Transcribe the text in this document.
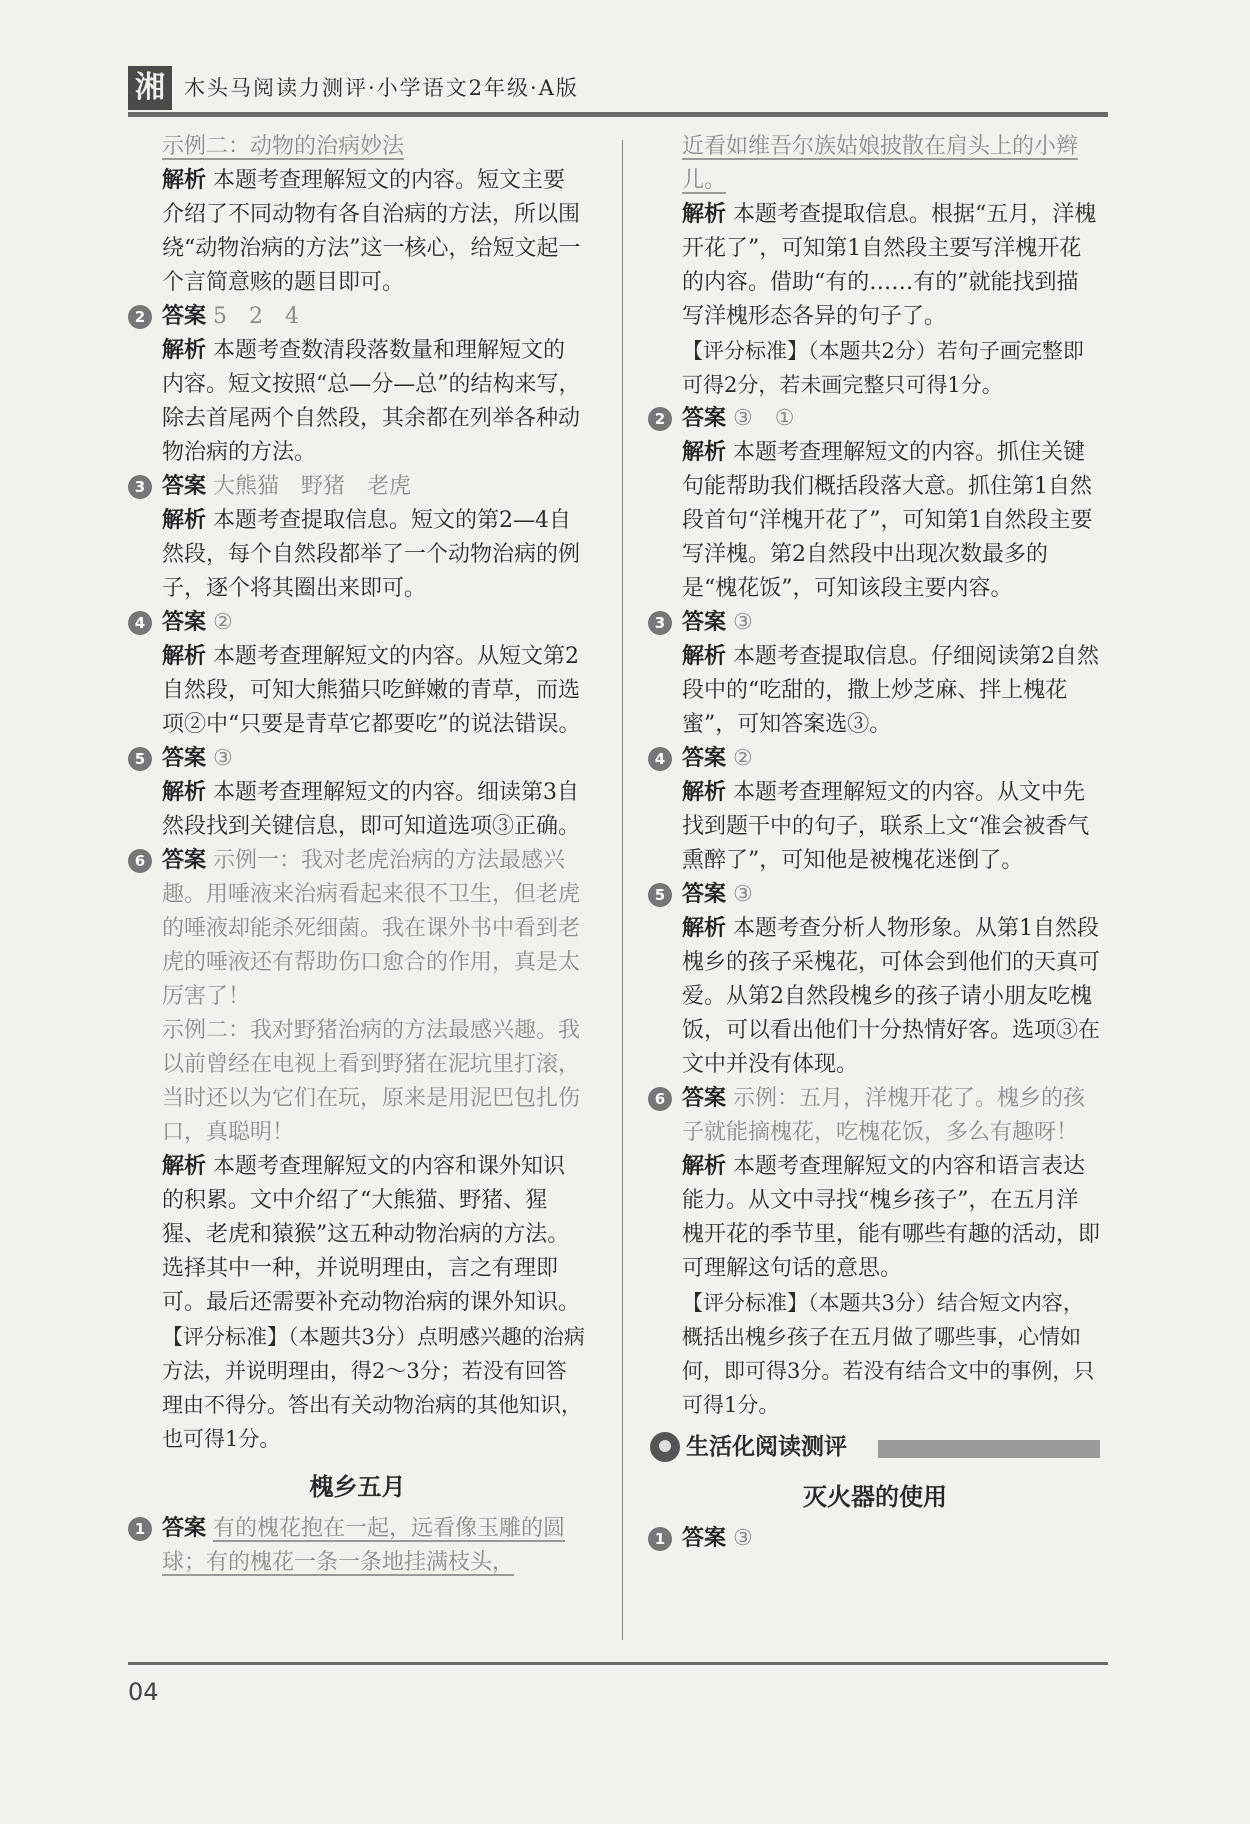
湘 木头马阅读力测评·小学语文2年级·A版

示例二：动物的治病妙法

解析 本题考查理解短文的内容。短文主要介绍了不同动物有各自治病的方法，所以围绕“动物治病的方法”这一核心，给短文起一个言简意赅的题目即可。

2 答案 5　2　4

解析 本题考查数清段落数量和理解短文的内容。短文按照“总—分—总”的结构来写，除去首尾两个自然段，其余都在列举各种动物治病的方法。

3 答案 大熊猫　野猪　老虎

解析 本题考查提取信息。短文的第2—4自然段，每个自然段都举了一个动物治病的例子，逐个将其圈出来即可。

4 答案 ②

解析 本题考查理解短文的内容。从短文第2自然段，可知大熊猫只吃鲜嫩的青草，而选项②中“只要是青草它都要吃”的说法错误。

5 答案 ③

解析 本题考查理解短文的内容。细读第3自然段找到关键信息，即可知道选项③正确。

6 答案 示例一：我对老虎治病的方法最感兴趣。用唾液来治病看起来很不卫生，但老虎的唾液却能杀死细菌。我在课外书中看到老虎的唾液还有帮助伤口愈合的作用，真是太厉害了！

示例二：我对野猪治病的方法最感兴趣。我以前曾经在电视上看到野猪在泥坑里打滚，当时还以为它们在玩，原来是用泥巴包扎伤口，真聪明！

解析 本题考查理解短文的内容和课外知识的积累。文中介绍了“大熊猫、野猪、猩猩、老虎和猿猴”这五种动物治病的方法。选择其中一种，并说明理由，言之有理即可。最后还需要补充动物治病的课外知识。

【评分标准】（本题共3分）点明感兴趣的治病方法，并说明理由，得2～3分；若没有回答理由不得分。答出有关动物治病的其他知识，也可得1分。

槐乡五月
1 答案 有的槐花抱在一起，远看像玉雕的圆球；有的槐花一条一条地挂满枝头，

近看如维吾尔族姑娘披散在肩头上的小辫儿。

解析 本题考查提取信息。根据“五月，洋槐开花了”，可知第1自然段主要写洋槐开花的内容。借助“有的……有的”就能找到描写洋槐形态各异的句子了。

【评分标准】（本题共2分）若句子画完整即可得2分，若未画完整只可得1分。

2 答案 ③　①

解析 本题考查理解短文的内容。抓住关键句能帮助我们概括段落大意。抓住第1自然段首句“洋槐开花了”，可知第1自然段主要写洋槐。第2自然段中出现次数最多的是“槐花饭”，可知该段主要内容。

3 答案 ③

解析 本题考查提取信息。仔细阅读第2自然段中的“吃甜的，撒上炒芝麻、拌上槐花蜜”，可知答案选③。

4 答案 ②

解析 本题考查理解短文的内容。从文中先找到题干中的句子，联系上文“准会被香气熏醉了”，可知他是被槐花迷倒了。

5 答案 ③

解析 本题考查分析人物形象。从第1自然段槐乡的孩子采槐花，可体会到他们的天真可爱。从第2自然段槐乡的孩子请小朋友吃槐饭，可以看出他们十分热情好客。选项③在文中并没有体现。

6 答案 示例：五月，洋槐开花了。槐乡的孩子就能摘槐花，吃槐花饭，多么有趣呀！

解析 本题考查理解短文的内容和语言表达能力。从文中寻找“槐乡孩子”，在五月洋槐开花的季节里，能有哪些有趣的活动，即可理解这句话的意思。

【评分标准】（本题共3分）结合短文内容，概括出槐乡孩子在五月做了哪些事，心情如何，即可得3分。若没有结合文中的事例，只可得1分。

生活化阅读测评
灭火器的使用
1 答案 ③

04
